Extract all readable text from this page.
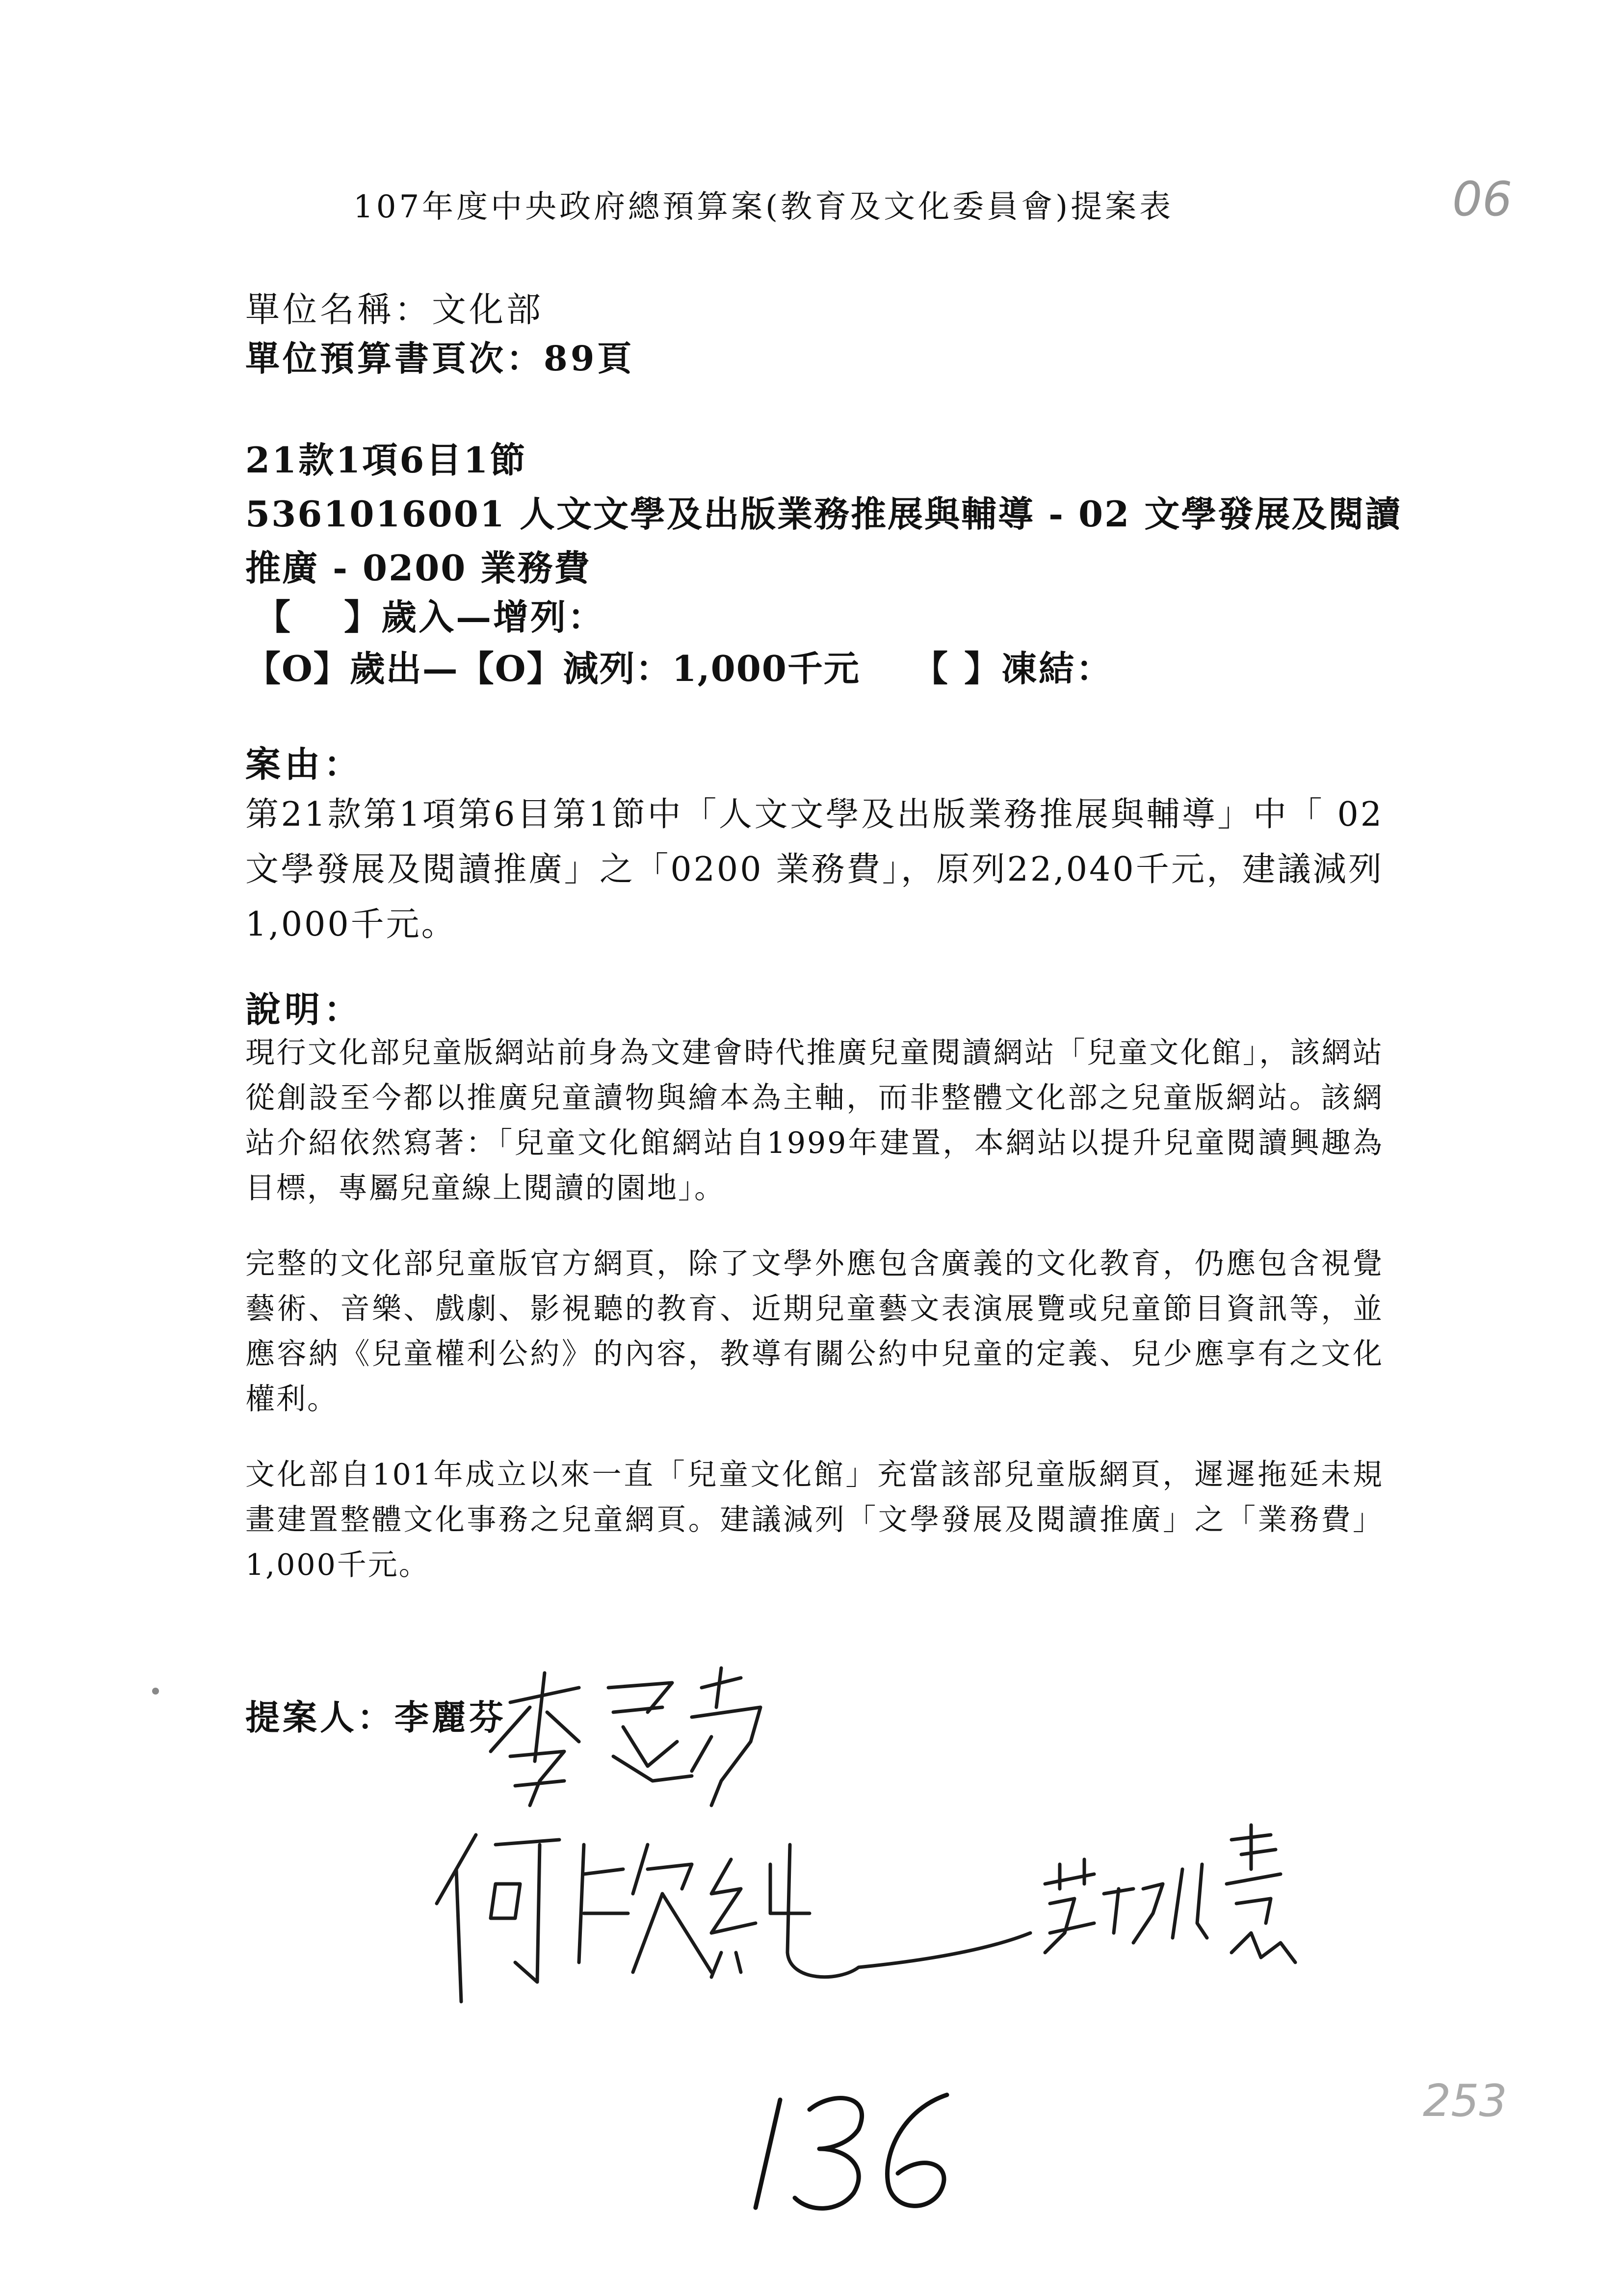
107年度中央政府總預算案(教育及文化委員會)提案表	06
單位名稱：文化部
單位預算書頁次：89頁
21款1項6目1節
5361016001 人文文學及出版業務推展與輔導 - 02 文學發展及閱讀
推廣 - 0200 業務費
【　 】歲入—增列：
【O】歲出—【O】減列：1,000千元 【 】凍結：
案由：
第21款第1項第6目第1節中「人文文學及出版業務推展與輔導」中「 02 文學發展及閱讀推廣」之「0200 業務費」，原列22,040千元，建議減列1,000千元。
說明：
現行文化部兒童版網站前身為文建會時代推廣兒童閱讀網站「兒童文化館」，該網站從創設至今都以推廣兒童讀物與繪本為主軸，而非整體文化部之兒童版網站。該網站介紹依然寫著：「兒童文化館網站自1999年建置，本網站以提升兒童閱讀興趣為目標，專屬兒童線上閱讀的園地」。
完整的文化部兒童版官方網頁，除了文學外應包含廣義的文化教育，仍應包含視覺藝術、音樂、戲劇、影視聽的教育、近期兒童藝文表演展覽或兒童節目資訊等，並應容納《兒童權利公約》的內容，教導有關公約中兒童的定義、兒少應享有之文化權利。
文化部自101年成立以來一直「兒童文化館」充當該部兒童版網頁，遲遲拖延未規畫建置整體文化事務之兒童網頁。建議減列「文學發展及閱讀推廣」之「業務費」1,000千元。
提案人：李麗芬
253
